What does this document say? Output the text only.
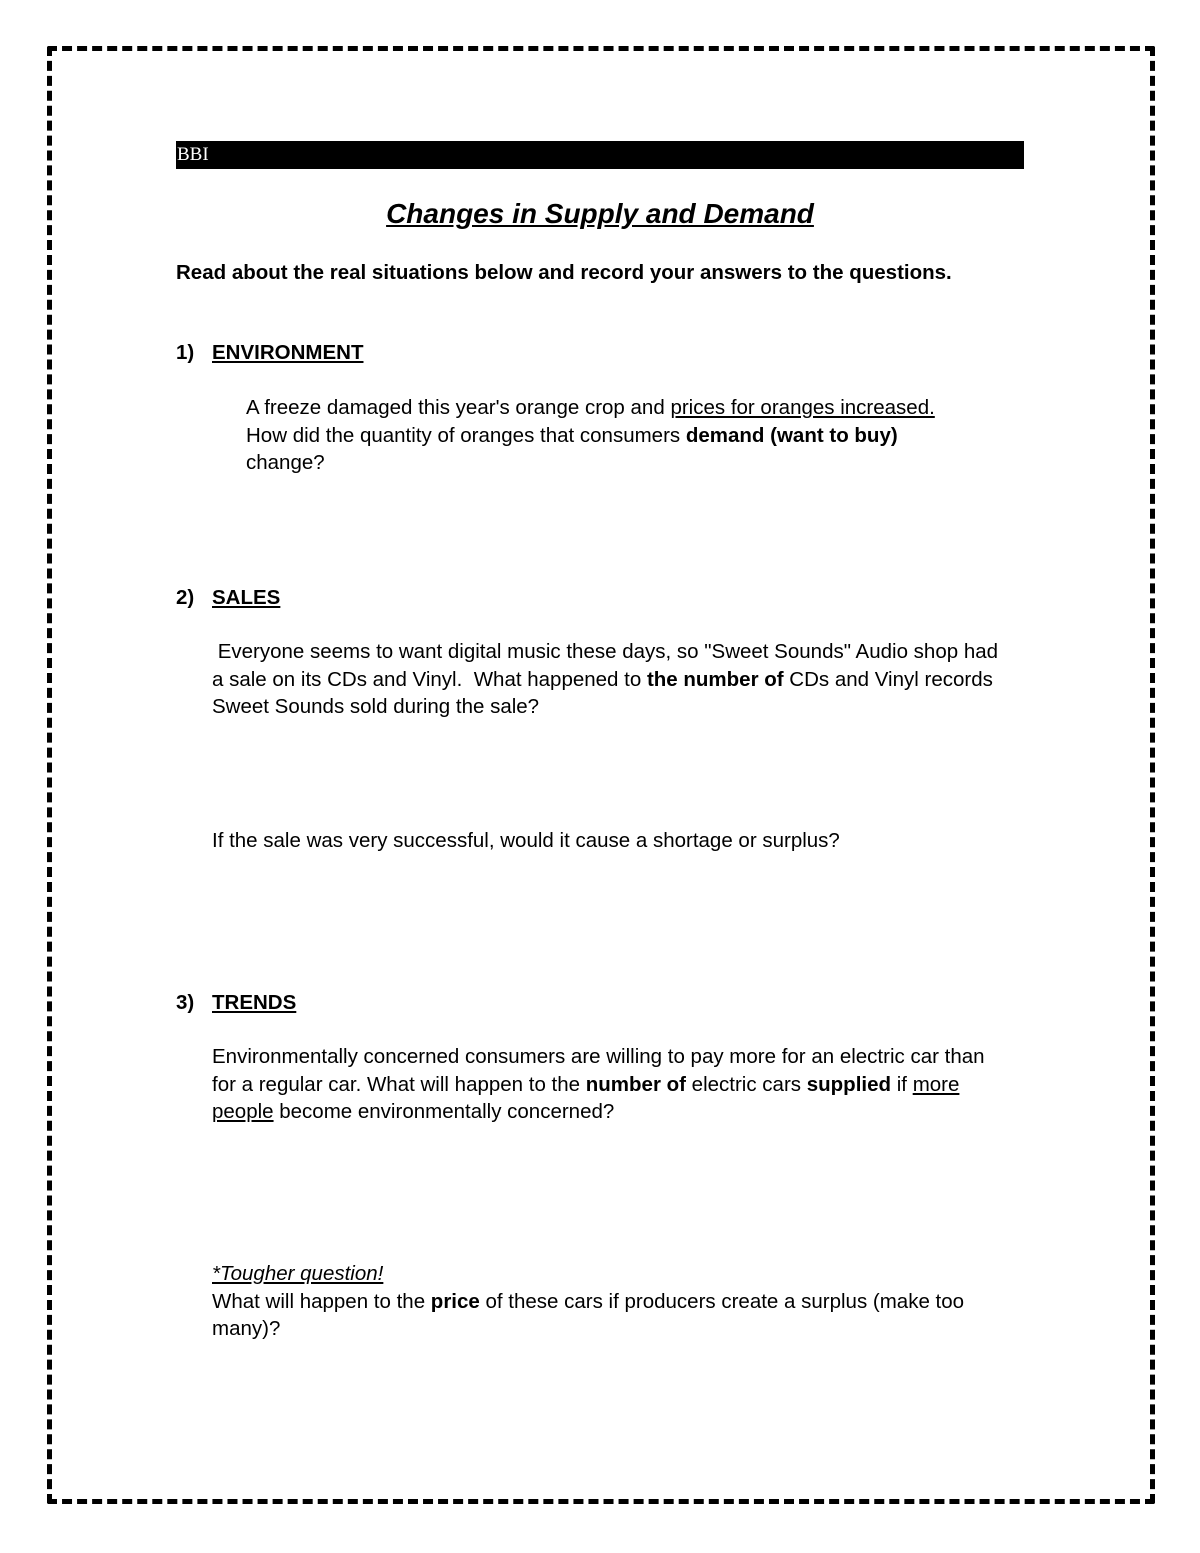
BBI
Changes in Supply and Demand
Read about the real situations below and record your answers to the questions.
1) ENVIRONMENT
A freeze damaged this year's orange crop and prices for oranges increased. How did the quantity of oranges that consumers demand (want to buy) change?
2) SALES
Everyone seems to want digital music these days, so "Sweet Sounds" Audio shop had a sale on its CDs and Vinyl.  What happened to the number of CDs and Vinyl records Sweet Sounds sold during the sale?
If the sale was very successful, would it cause a shortage or surplus?
3) TRENDS
Environmentally concerned consumers are willing to pay more for an electric car than for a regular car. What will happen to the number of electric cars supplied if more people become environmentally concerned?
*Tougher question!
What will happen to the price of these cars if producers create a surplus (make too many)?
